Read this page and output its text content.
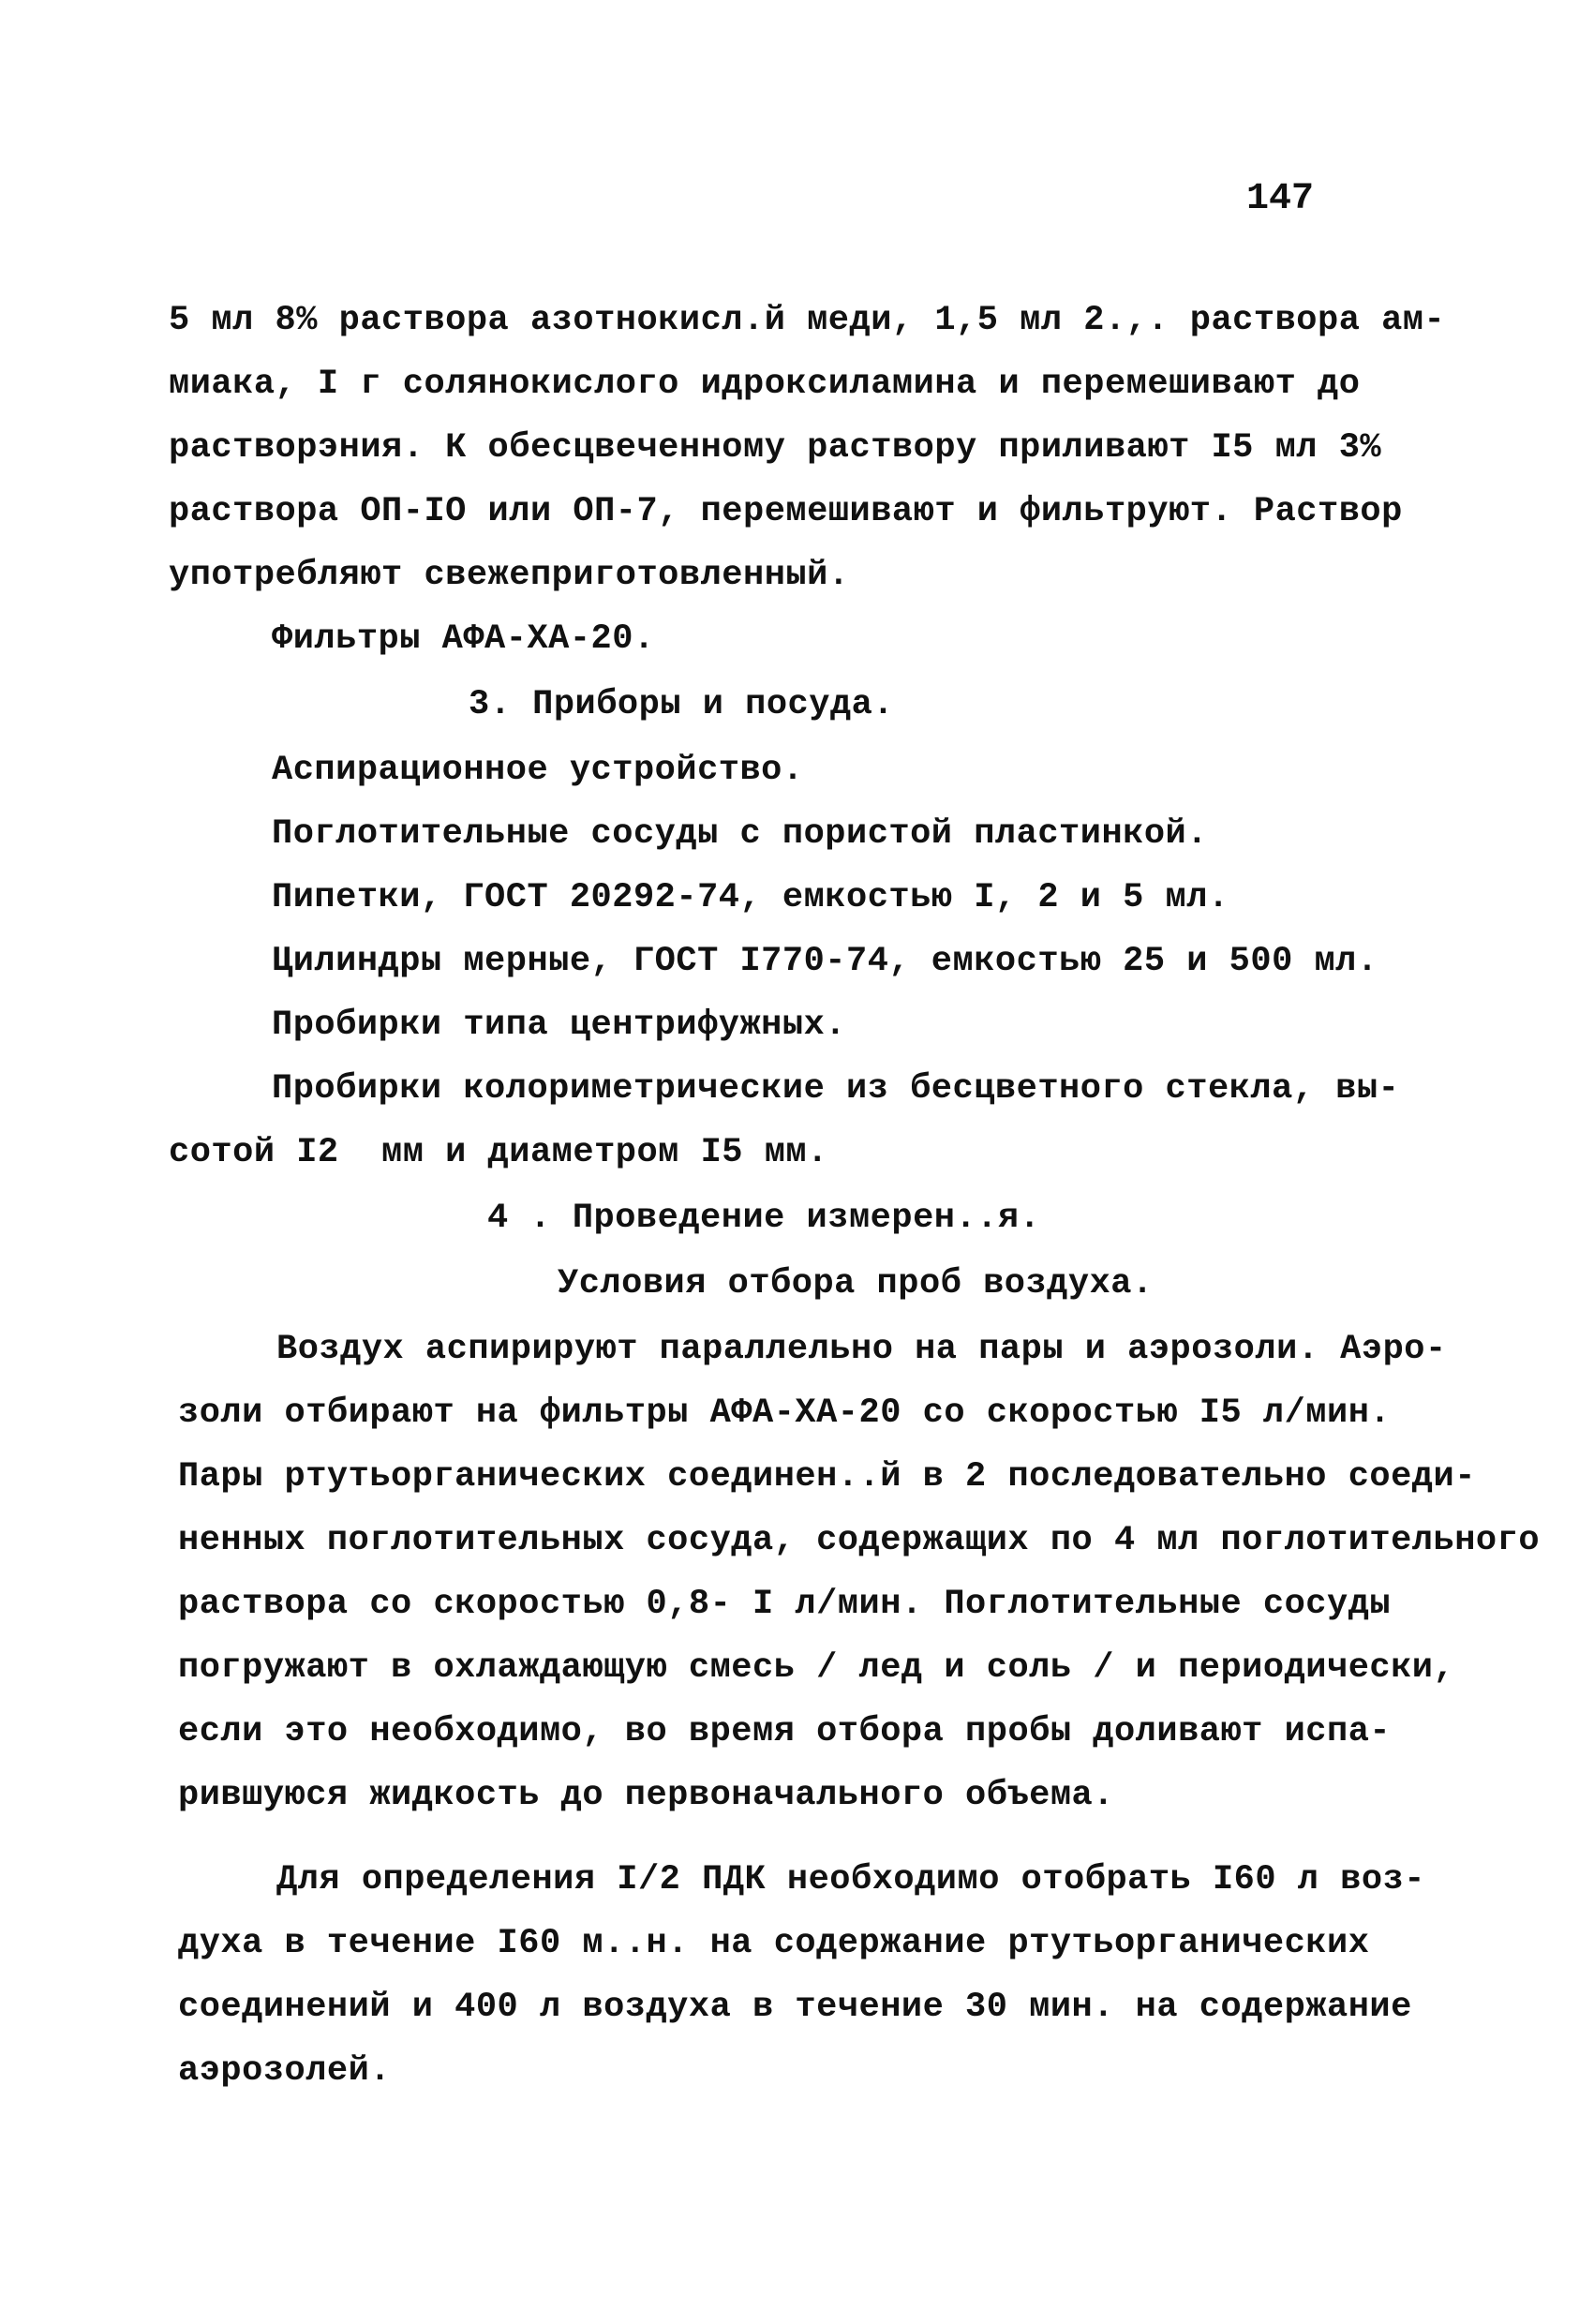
147
5 мл 8% раствора азотнокисл.й меди, 1,5 мл 2.,. раствора ам-
миака, I г солянокислого идроксиламина и перемешивают до
растворэния. К обесцвеченному раствору приливают I5 мл 3%
раствора ОП-IO или ОП-7, перемешивают и фильтруют. Раствор
употребляют свежеприготовленный.
Фильтры АФА-ХА-20.
3. Приборы и посуда.
Аспирационное устройство.
Поглотительные сосуды с пористой пластинкой.
Пипетки, ГОСТ 20292-74, емкостью I, 2 и 5 мл.
Цилиндры мерные, ГОСТ I770-74, емкостью 25 и 500 мл.
Пробирки типа центрифужных.
Пробирки колориметрические из бесцветного стекла, вы-
сотой I2  мм и диаметром I5 мм.
4 . Проведение измерен..я.
Условия отбора проб воздуха.
Воздух аспирируют параллельно на пары и аэрозоли. Аэро-
золи отбирают на фильтры АФА-ХА-20 со скоростью I5 л/мин.
Пары ртутьорганических соединен..й в 2 последовательно соеди-
ненных поглотительных сосуда, содержащих по 4 мл поглотительного
раствора со скоростью 0,8- I л/мин. Поглотительные сосуды
погружают в охлаждающую смесь / лед и соль / и периодически,
если это необходимо, во время отбора пробы доливают испа-
рившуюся жидкость до первоначального объема.
Для определения I/2 ПДК необходимо отобрать I60 л воз-
духа в течение I60 м..н. на содержание ртутьорганических
соединений и 400 л воздуха в течение 30 мин. на содержание
аэрозолей.
